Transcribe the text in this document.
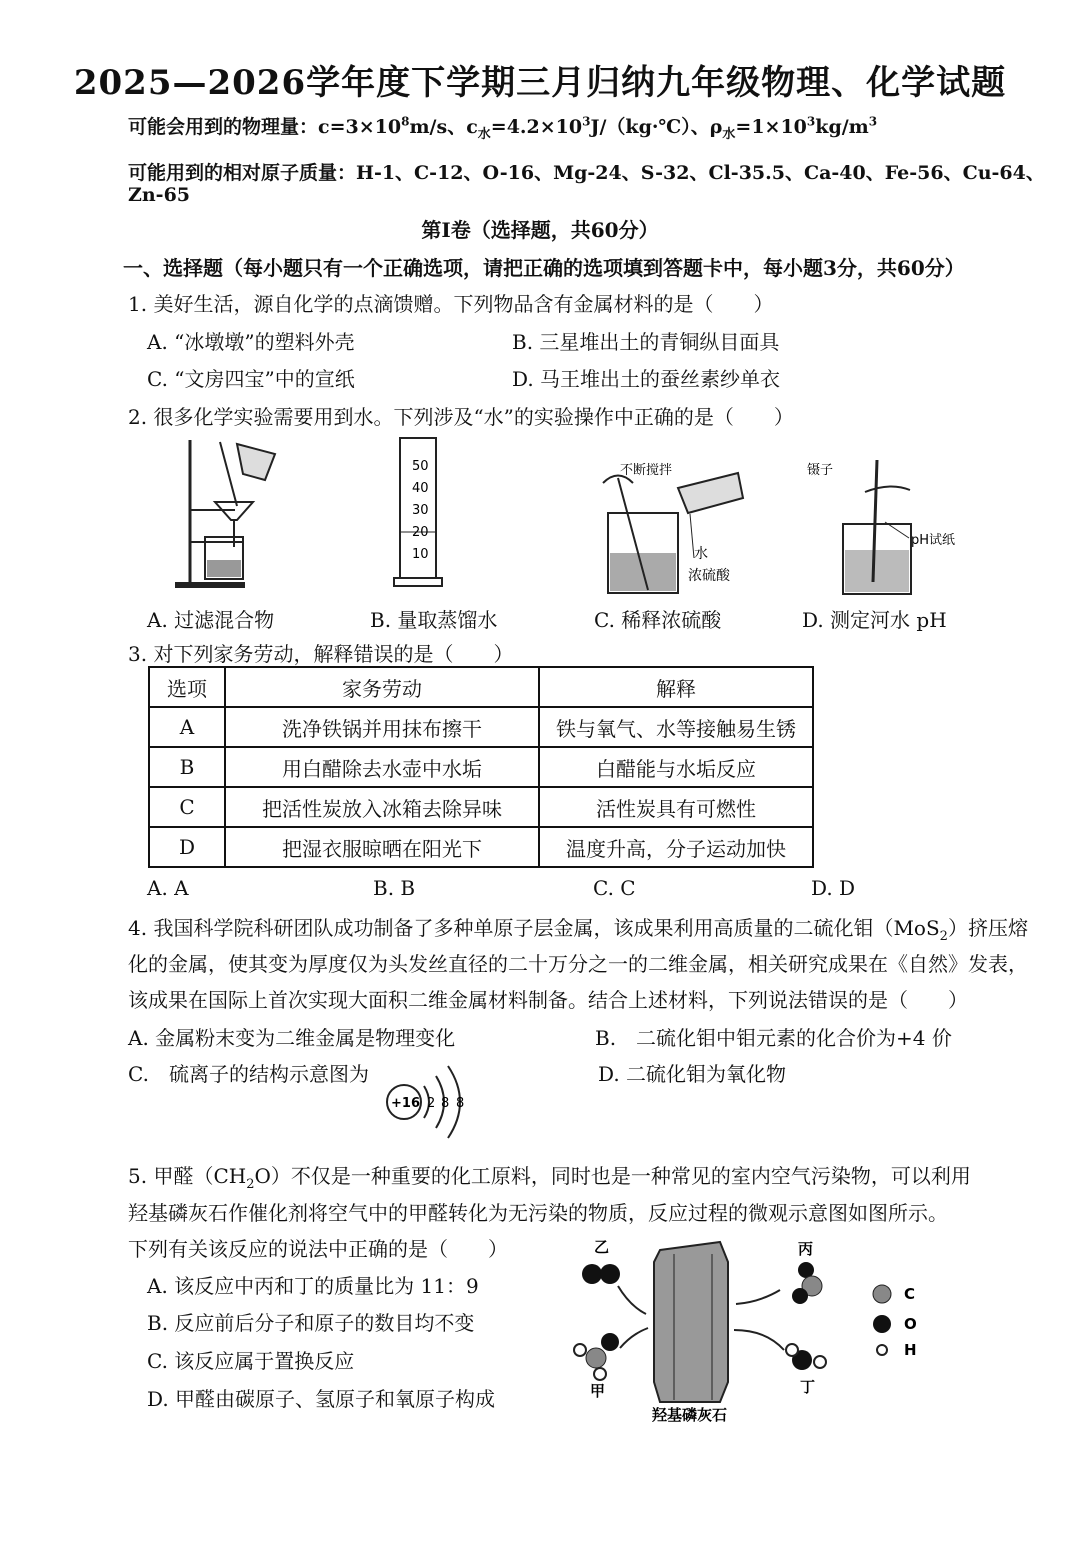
2025—2026学年度下学期三月归纳九年级物理、化学试题
可能会用到的物理量：$c=3\times 10^8m/s$、$c_水=4.2\times 10^3J/(kg\cdot℃)$、$\rho_水=1\times 10^3kg/m^3$
可能用到的相对原子质量：H-1、C-12、O-16、Mg-24、S-32、Cl-35.5、Ca-40、Fe-56、Cu-64、
Zn-65
第Ⅰ卷（选择题，共60分）
一、选择题（每小题只有一个正确选项，请把正确的选项填到答题卡中，每小题3分，共60分）
1. 美好生活，源自化学的点滴馈赠。下列物品含有金属材料的是（　　）
A. “冰墩墩”的塑料外壳	B. 三星堆出土的青铜纵目面具
C. “文房四宝”中的宣纸	D. 马王堆出土的蚕丝素纱单衣
2. 很多化学实验需要用到水。下列涉及“水”的实验操作中正确的是（　　）
50
40
30
20
10
不断搅拌
水
浓硫酸
镊子
pH试纸
A. 过滤混合物	B. 量取蒸馏水	C. 稀释浓硫酸	D. 测定河水 pH
3. 对下列家务劳动，解释错误的是（　　）
选项	家务劳动	解释
A	洗净铁锅并用抹布擦干	铁与氧气、水等接触易生锈
B	用白醋除去水壶中水垢	白醋能与水垢反应
C	把活性炭放入冰箱去除异味	活性炭具有可燃性
D	把湿衣服晾晒在阳光下	温度升高，分子运动加快
A. A	B. B	C. C	D. D
4. 我国科学院科研团队成功制备了多种单原子层金属，该成果利用高质量的二硫化钼（MoS$_2$）挤压熔
化的金属，使其变为厚度仅为头发丝直径的二十万分之一的二维金属，相关研究成果在《自然》发表，
该成果在国际上首次实现大面积二维金属材料制备。结合上述材料，下列说法错误的是（　　）
A. 金属粉末变为二维金属是物理变化	B.　二硫化钼中钼元素的化合价为+4 价
C.　硫离子的结构示意图为	D. 二硫化钼为氧化物
+16 2 8 8
5. 甲醛$(CH_2O)$不仅是一种重要的化工原料，同时也是一种常见的室内空气污染物，可以利用
羟基磷灰石作催化剂将空气中的甲醛转化为无污染的物质，反应过程的微观示意图如图所示。
下列有关该反应的说法中正确的是（　　）
A. 该反应中丙和丁的质量比为 11：9
B. 反应前后分子和原子的数目均不变
C. 该反应属于置换反应
D. 甲醛由碳原子、氢原子和氧原子构成
乙
甲
羟基磷灰石
丙
丁
C
O
H
